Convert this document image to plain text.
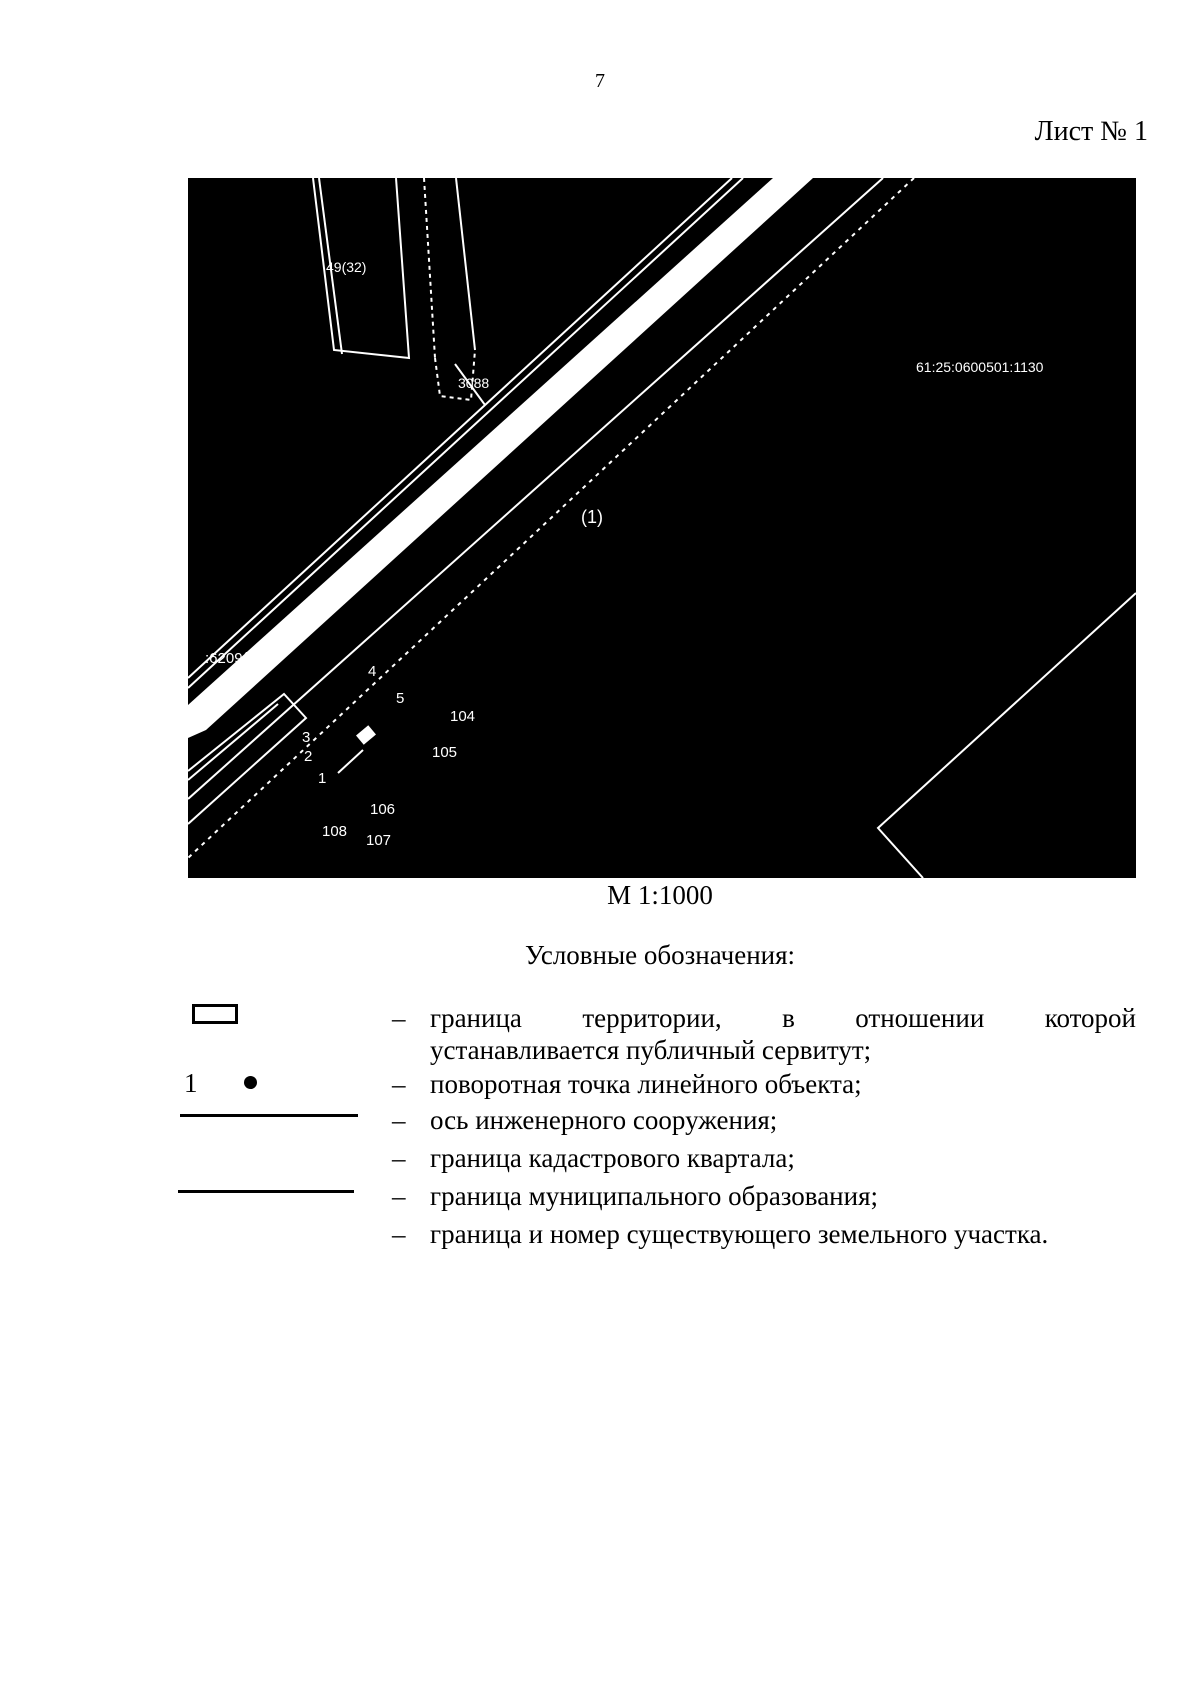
7
Лист № 1
49(32)
3088
61:25:0600501:1130
(1)
:6209(1)
1
2
3
4
5
104
105
106
107
108
М 1:1000
Условные обозначения:
1
– граница территории, в отношении которой
устанавливается публичный сервитут;
– поворотная точка линейного объекта;
– ось инженерного сооружения;
– граница кадастрового квартала;
– граница муниципального образования;
– граница и номер существующего земельного участка.
